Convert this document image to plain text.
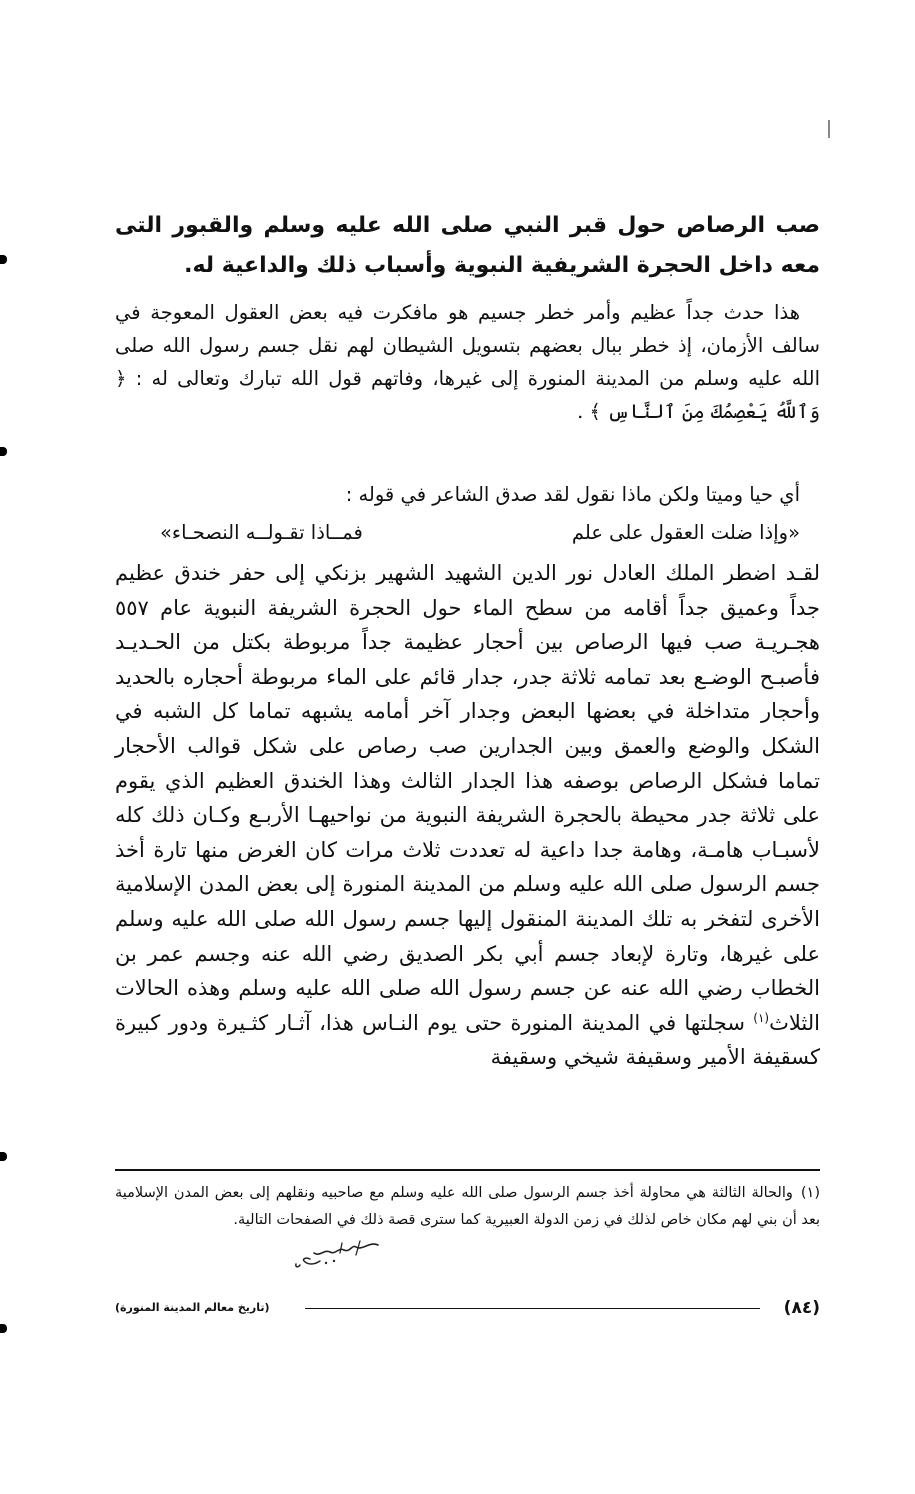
صب الرصاص حول قبر النبي صلى الله عليه وسلم والقبور التى معه داخل الحجرة الشريفية النبوية وأسباب ذلك والداعية له.
هذا حدث جداً عظيم وأمر خطر جسيم هو مافكرت فيه بعض العقول المعوجة في سالف الأزمان، إذ خطر ببال بعضهم بتسويل الشيطان لهم نقل جسم رسول الله صلى الله عليه وسلم من المدينة المنورة إلى غيرها، وفاتهم قول الله تبارك وتعالى له : ﴿ وَٱللَّهُ يَعْصِمُكَ مِنَ ٱلنَّاسِ ﴾ .
أي حيا وميتا ولكن ماذا نقول لقد صدق الشاعر في قوله :
«وإذا ضلت العقول على علم
فمــاذا تقـولــه النصحـاء»
لقـد اضطر الملك العادل نور الدين الشهيد الشهير بزنكي إلى حفر خندق عظيم جداً وعميق جداً أقامه من سطح الماء حول الحجرة الشريفة النبوية عام ٥٥٧ هجـريـة صب فيها الرصاص بين أحجار عظيمة جداً مربوطة بكتل من الحـديـد فأصبـح الوضـع بعد تمامه ثلاثة جدر، جدار قائم على الماء مربوطة أحجاره بالحديد وأحجار متداخلة في بعضها البعض وجدار آخر أمامه يشبهه تماما كل الشبه في الشكل والوضع والعمق وبين الجدارين صب رصاص على شكل قوالب الأحجار تماما فشكل الرصاص بوصفه هذا الجدار الثالث وهذا الخندق العظيم الذي يقوم على ثلاثة جدر محيطة بالحجرة الشريفة النبوية من نواحيهـا الأربـع وكـان ذلك كله لأسبـاب هامـة، وهامة جدا داعية له تعددت ثلاث مرات كان الغرض منها تارة أخذ جسم الرسول صلى الله عليه وسلم من المدينة المنورة إلى بعض المدن الإسلامية الأخرى لتفخر به تلك المدينة المنقول إليها جسم رسول الله صلى الله عليه وسلم على غيرها، وتارة لإبعاد جسم أبي بكر الصديق رضي الله عنه وجسم عمر بن الخطاب رضي الله عنه عن جسم رسول الله صلى الله عليه وسلم وهذه الحالات الثلاث$^{(١)}$ سجلتها في المدينة المنورة حتى يوم النـاس هذا، آثـار كثـيرة ودور كبيرة كسقيفة الأمير وسقيفة شيخي وسقيفة
(١)والحالة الثالثة هي محاولة أخذ جسم الرسول صلى الله عليه وسلم مع صاحبيه ونقلهم إلى بعض المدن الإسلامية بعد أن بني لهم مكان خاص لذلك في زمن الدولة العبيرية كما سترى قصة ذلك في الصفحات التالية.
(٨٤)
(تاريخ معالم المدينة المنورة)
